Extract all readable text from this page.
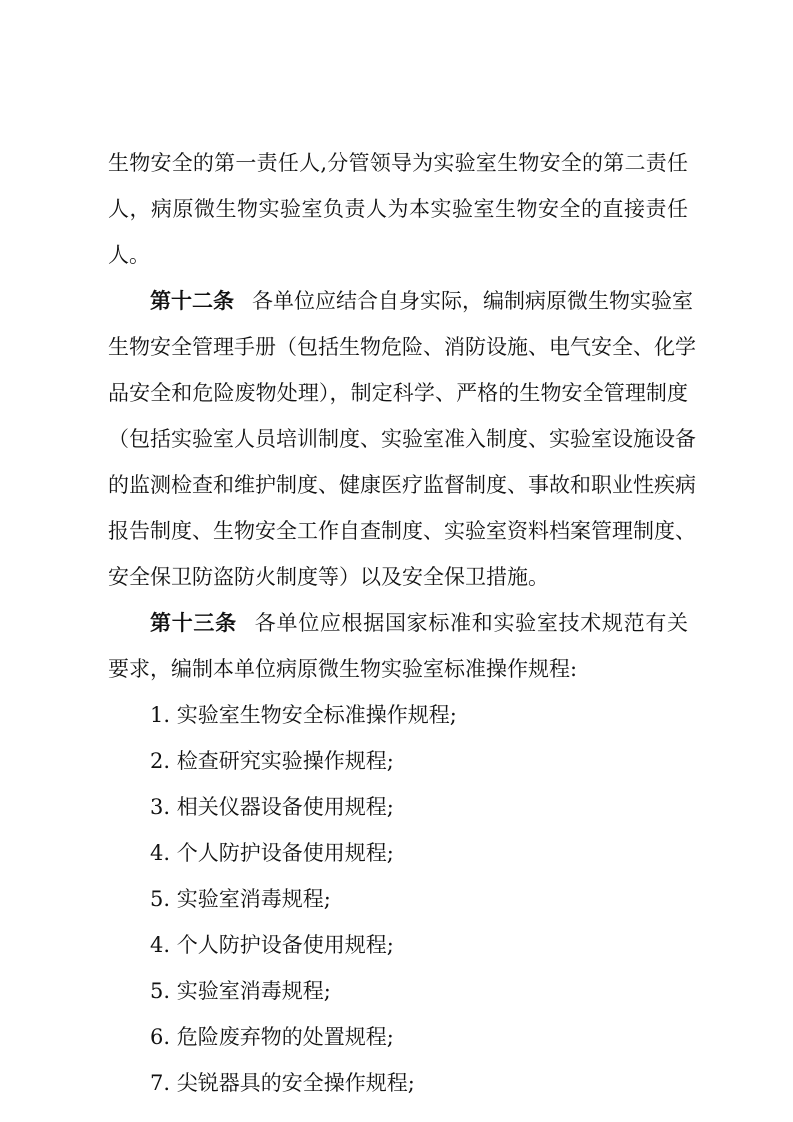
生物安全的第一责任人,分管领导为实验室生物安全的第二责任
人，病原微生物实验室负责人为本实验室生物安全的直接责任
人。
第十二条 各单位应结合自身实际，编制病原微生物实验室
生物安全管理手册（包括生物危险、消防设施、电气安全、化学
品安全和危险废物处理），制定科学、严格的生物安全管理制度
（包括实验室人员培训制度、实验室准入制度、实验室设施设备
的监测检查和维护制度、健康医疗监督制度、事故和职业性疾病
报告制度、生物安全工作自查制度、实验室资料档案管理制度、
安全保卫防盗防火制度等）以及安全保卫措施。
第十三条 各单位应根据国家标准和实验室技术规范有关
要求，编制本单位病原微生物实验室标准操作规程:
1. 实验室生物安全标准操作规程;
2. 检查研究实验操作规程;
3. 相关仪器设备使用规程;
4. 个人防护设备使用规程;
5. 实验室消毒规程;
4. 个人防护设备使用规程;
5. 实验室消毒规程;
6. 危险废弃物的处置规程;
7. 尖锐器具的安全操作规程;
